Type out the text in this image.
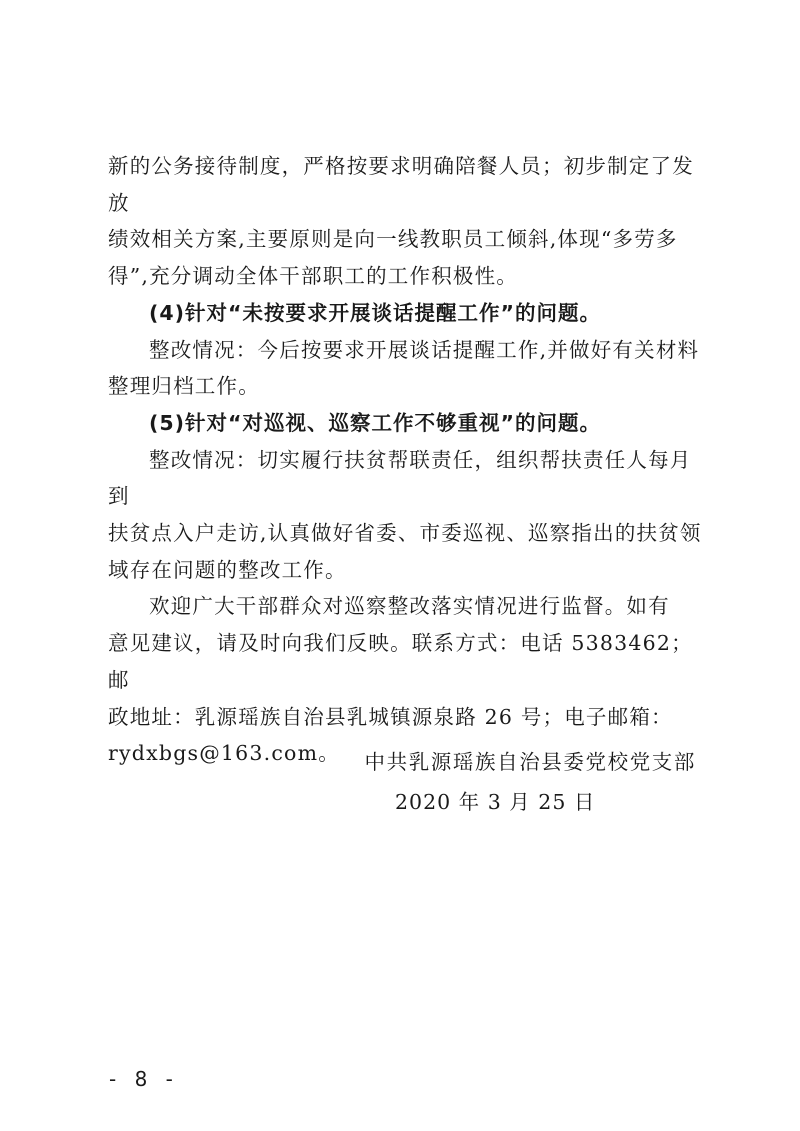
新的公务接待制度，严格按要求明确陪餐人员；初步制定了发放
绩效相关方案,主要原则是向一线教职员工倾斜,体现“多劳多
得”,充分调动全体干部职工的工作积极性。

(4)针对“未按要求开展谈话提醒工作”的问题。

整改情况：今后按要求开展谈话提醒工作,并做好有关材料
整理归档工作。

(5)针对“对巡视、巡察工作不够重视”的问题。

整改情况：切实履行扶贫帮联责任，组织帮扶责任人每月到
扶贫点入户走访,认真做好省委、市委巡视、巡察指出的扶贫领
域存在问题的整改工作。

欢迎广大干部群众对巡察整改落实情况进行监督。如有
意见建议，请及时向我们反映。联系方式：电话 5383462；邮
政地址：乳源瑶族自治县乳城镇源泉路 26 号；电子邮箱：
rydxbgs@163.com。	中共乳源瑶族自治县委党校党支部
2020 年 3 月 25 日
- 8 -
